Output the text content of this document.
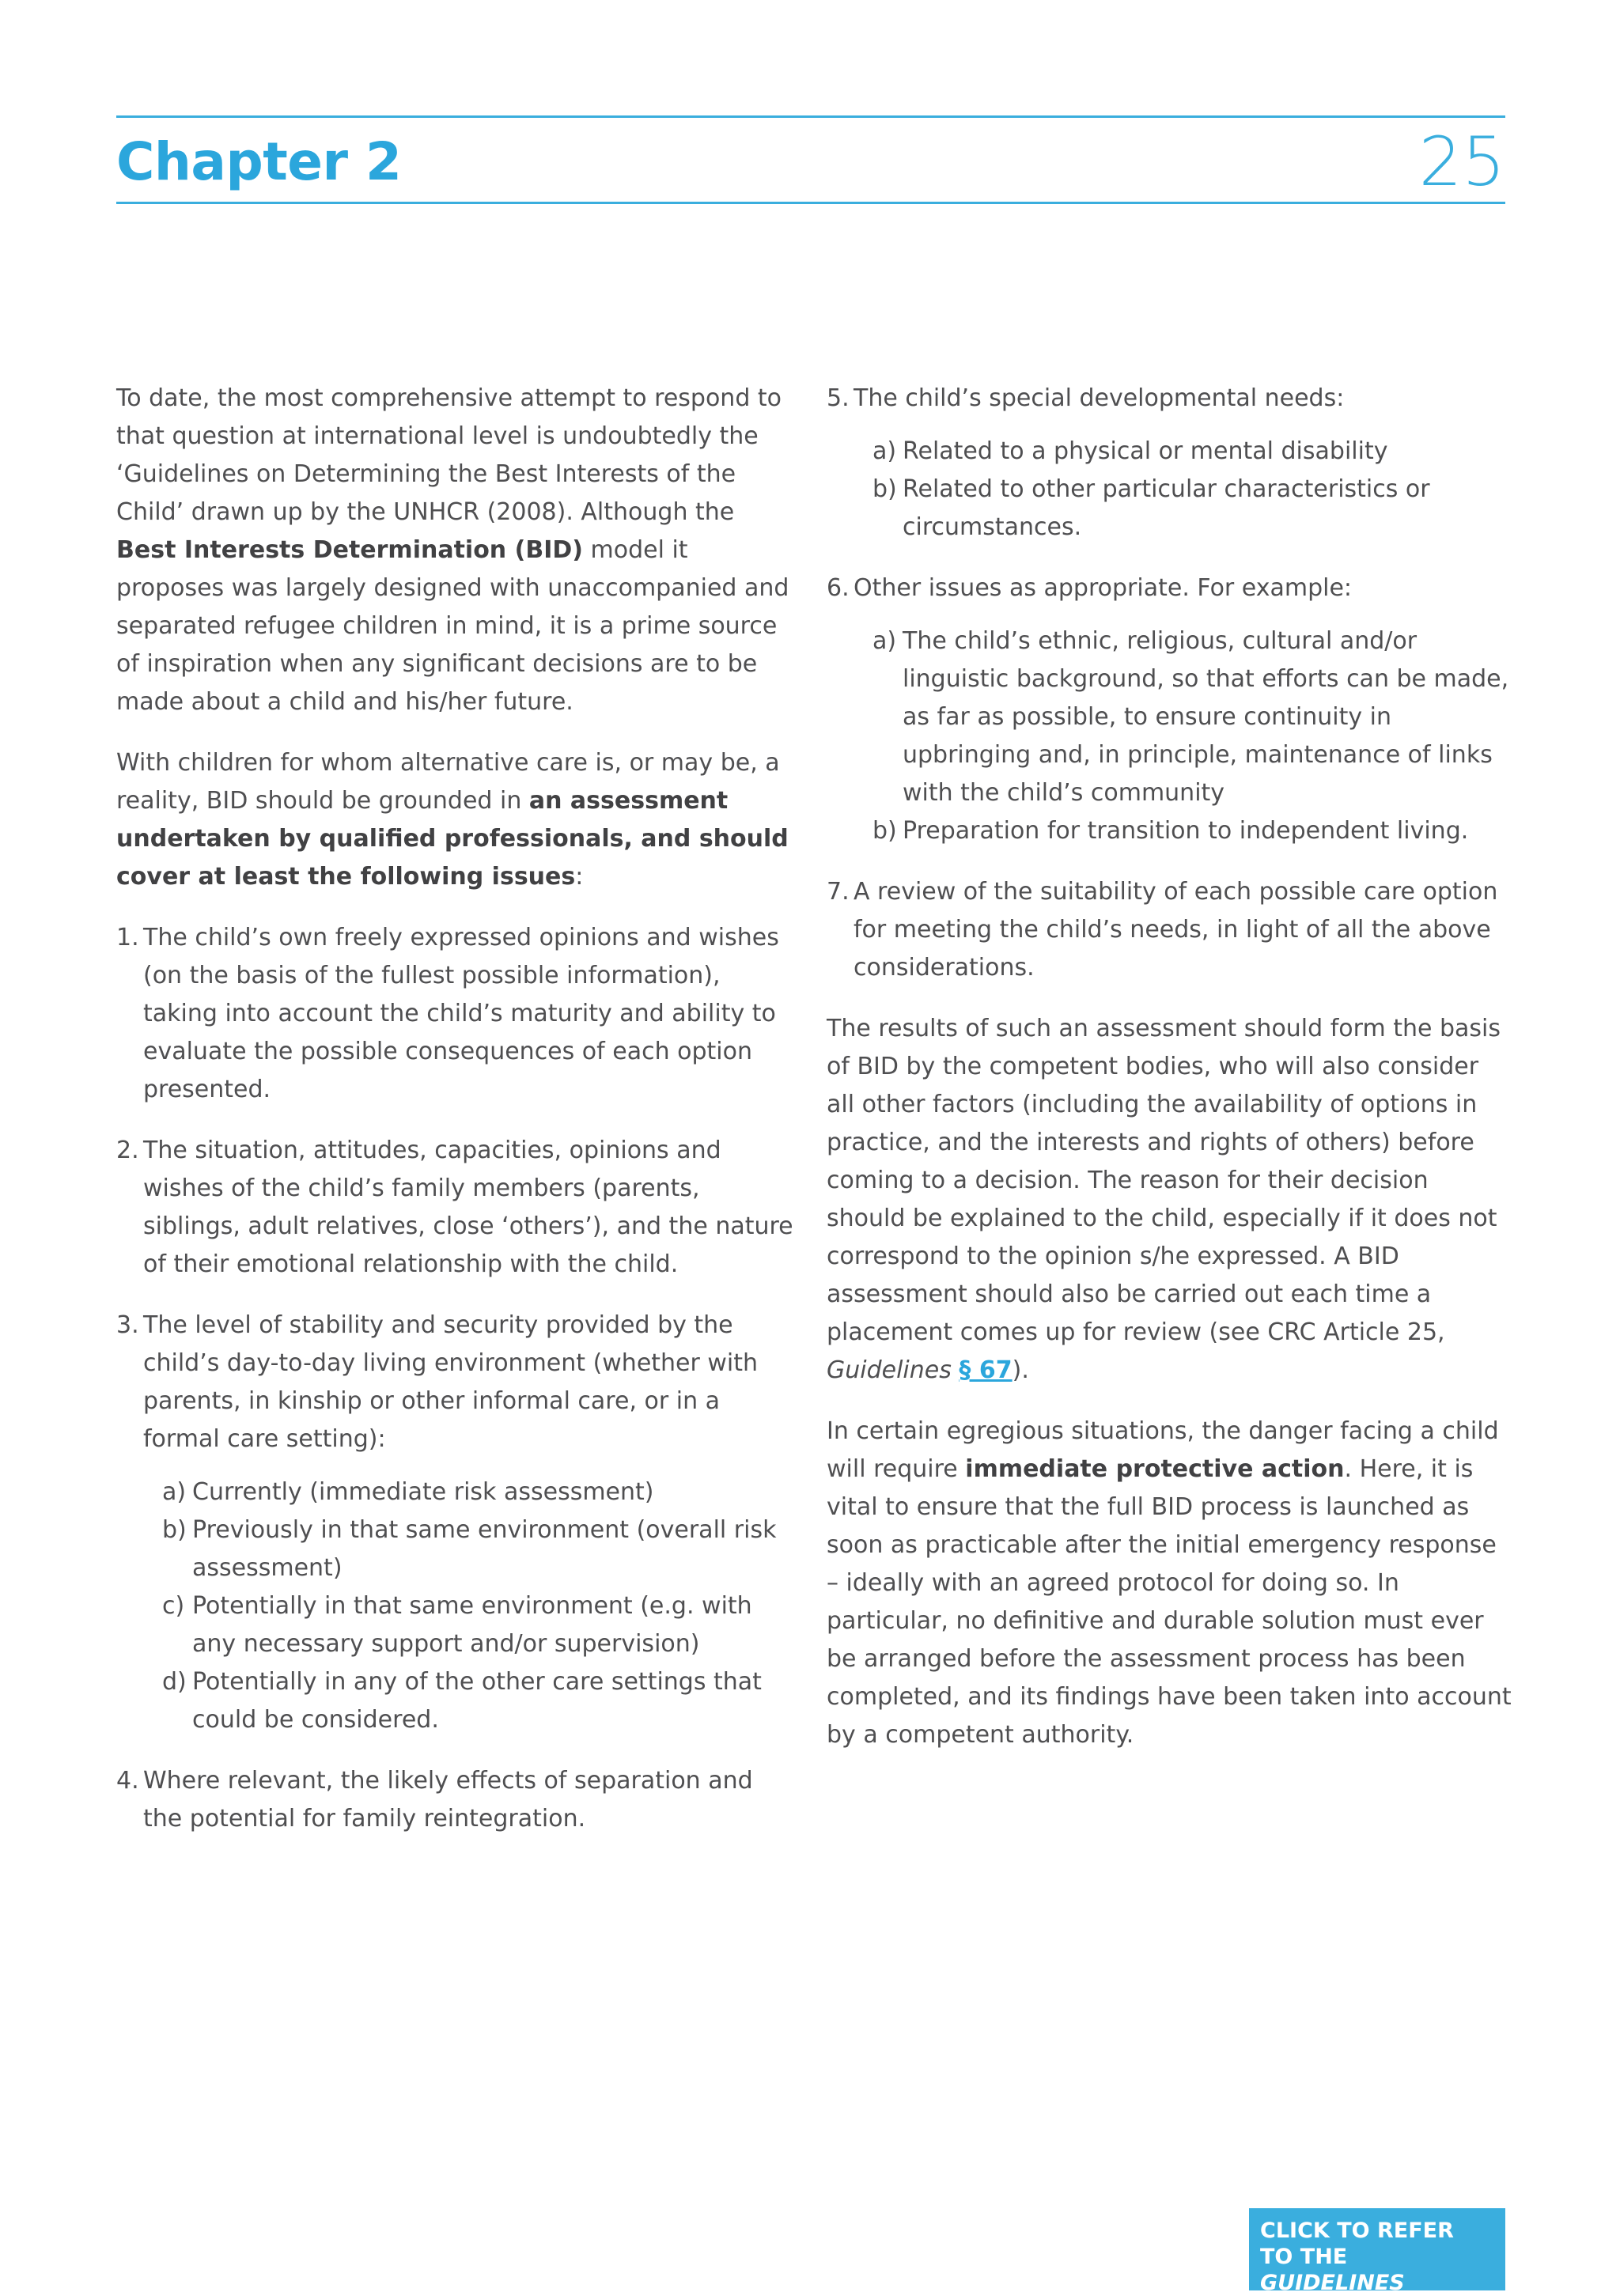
Chapter 2	25

To date, the most comprehensive attempt to respond to that question at international level is undoubtedly the ‘Guidelines on Determining the Best Interests of the Child’ drawn up by the UNHCR (2008). Although the Best Interests Determination (BID) model it proposes was largely designed with unaccompanied and separated refugee children in mind, it is a prime source of inspiration when any significant decisions are to be made about a child and his/her future.

With children for whom alternative care is, or may be, a reality, BID should be grounded in an assessment undertaken by qualified professionals, and should cover at least the following issues:

1. The child’s own freely expressed opinions and wishes (on the basis of the fullest possible information), taking into account the child’s maturity and ability to evaluate the possible consequences of each option presented.
2. The situation, attitudes, capacities, opinions and wishes of the child’s family members (parents, siblings, adult relatives, close ‘others’), and the nature of their emotional relationship with the child.
3. The level of stability and security provided by the child’s day-to-day living environment (whether with parents, in kinship or other informal care, or in a formal care setting):
a) Currently (immediate risk assessment)
b) Previously in that same environment (overall risk assessment)
c) Potentially in that same environment (e.g. with any necessary support and/or supervision)
d) Potentially in any of the other care settings that could be considered.
4. Where relevant, the likely effects of separation and the potential for family reintegration.
5. The child’s special developmental needs:
a) Related to a physical or mental disability
b) Related to other particular characteristics or circumstances.
6. Other issues as appropriate. For example:
a) The child’s ethnic, religious, cultural and/or linguistic background, so that efforts can be made, as far as possible, to ensure continuity in upbringing and, in principle, maintenance of links with the child’s community
b) Preparation for transition to independent living.
7. A review of the suitability of each possible care option for meeting the child’s needs, in light of all the above considerations.

The results of such an assessment should form the basis of BID by the competent bodies, who will also consider all other factors (including the availability of options in practice, and the interests and rights of others) before coming to a decision. The reason for their decision should be explained to the child, especially if it does not correspond to the opinion s/he expressed. A BID assessment should also be carried out each time a placement comes up for review (see CRC Article 25, Guidelines § 67).

In certain egregious situations, the danger facing a child will require immediate protective action. Here, it is vital to ensure that the full BID process is launched as soon as practicable after the initial emergency response – ideally with an agreed protocol for doing so. In particular, no definitive and durable solution must ever be arranged before the assessment process has been completed, and its findings have been taken into account by a competent authority.

CLICK TO REFER
TO THE GUIDELINES
